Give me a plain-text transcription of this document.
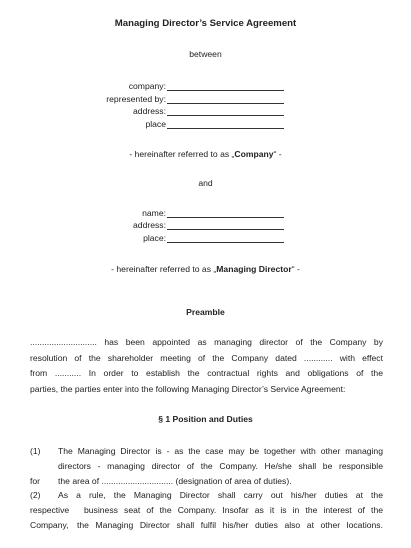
Managing Director’s Service Agreement
between
company:
represented by:
address:
place
- hereinafter referred to as „Company“ -
and
name:
address:
place:
- hereinafter referred to as „Managing Director“ -
Preamble
............................ has been appointed as managing director of the Company by
resolution of the shareholder meeting of the Company dated ............ with effect
from ........... In order to establish the contractual rights and obligations of the
parties, the parties enter into the following Managing Director’s Service Agreement:
§ 1 Position and Duties
(1) The Managing Director is - as the case may be together with other managing
directors - managing director of the Company. He/she shall be responsible
for the area of .............................. (designation of area of duties).
(2) As a rule, the Managing Director shall carry out his/her duties at the
respective business seat of the Company. Insofar as it is in the interest of the
Company, the Managing Director shall fulfil his/her duties also at other locations.
